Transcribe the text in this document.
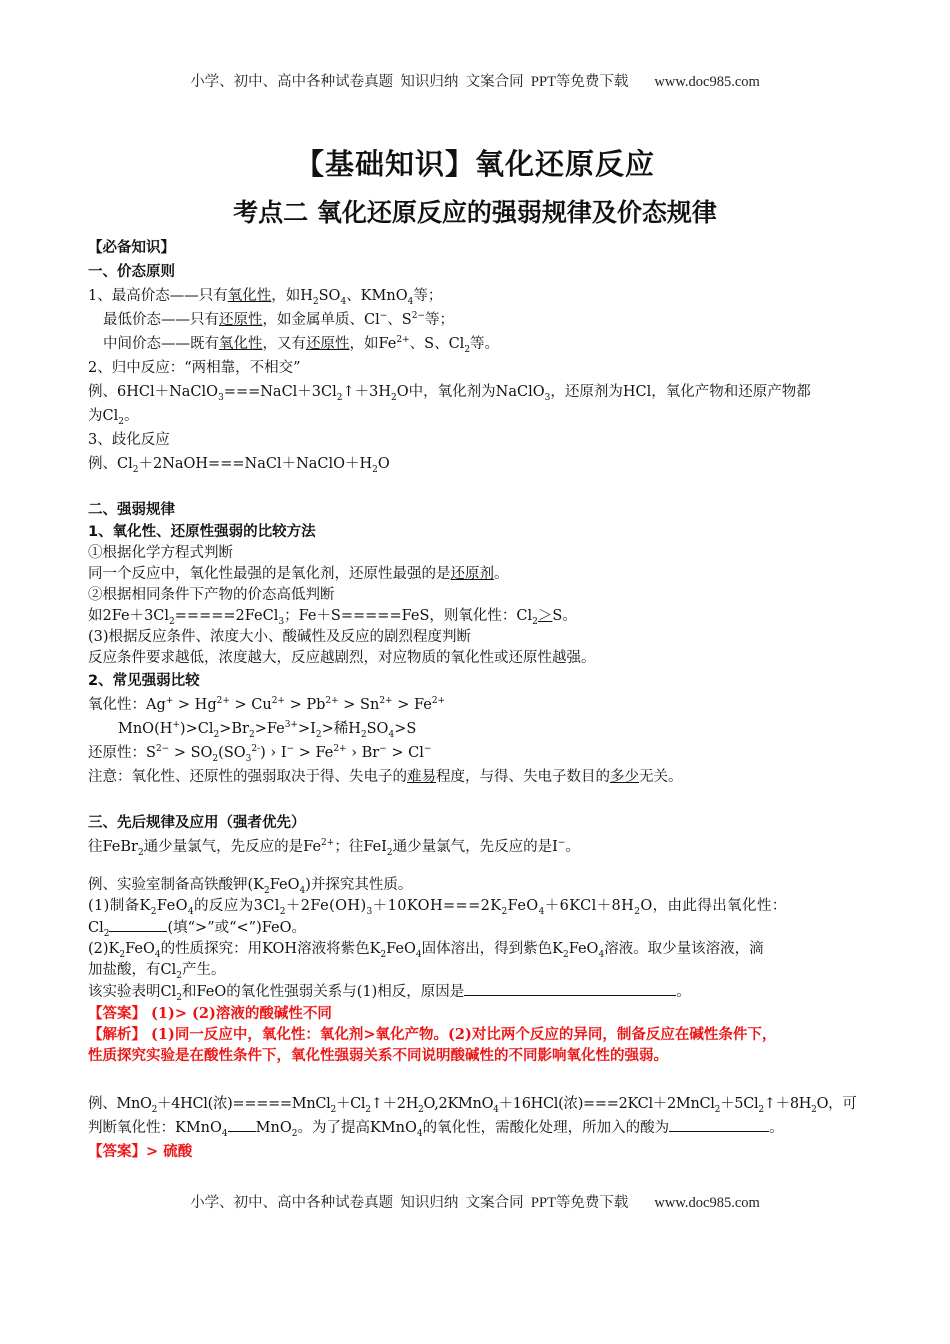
小学、初中、高中各种试卷真题  知识归纳  文案合同  PPT等免费下载 www.doc985.com
【基础知识】氧化还原反应
考点二 氧化还原反应的强弱规律及价态规律
【必备知识】
一、价态原则
1、最高价态——只有氧化性，如$H_2SO_4$、KMnO$_4$等；
最低价态——只有还原性，如金属单质、Cl−、$S^{2-}$等；
中间价态——既有氧化性，又有还原性，如$Fe^{2+}$、S、$Cl_2$等。
2、归中反应：“两相靠，不相交”
例、$6HCl+NaClO_3===NaCl+3Cl_2↑+3H_2O$中，氧化剂为NaClO$_3$，还原剂为HCl，氧化产物和还原产物都
为$Cl_2$。
3、歧化反应
例、$Cl_2+2NaOH===NaCl+NaClO+H_2O$
二、强弱规律
1、氧化性、还原性强弱的比较方法
①根据化学方程式判断
同一个反应中，氧化性最强的是氧化剂，还原性最强的是还原剂。
②根据相同条件下产物的价态高低判断
如$2Fe+3Cl_2=====2FeCl_3$；Fe＋S=====FeS，则氧化性：$Cl_2>S$。
(3)根据反应条件、浓度大小、酸碱性及反应的剧烈程度判断
反应条件要求越低，浓度越大，反应越剧烈，对应物质的氧化性或还原性越强。
2、常见强弱比较
氧化性：$Ag^+ > Hg^{2+} > Cu^{2+} > Pb^{2+} > Sn^{2+} > Fe^{2+}$
$MnO(H^+)>Cl_2>Br_2>Fe^{3+}>I_2>$稀$H_2SO_4>S$
还原性：$S^{2-} > SO_2(SO_3^{2-})$ › $I^- > Fe^{2+}$ › Br− > Cl−
注意：氧化性、还原性的强弱取决于得、失电子的难易程度，与得、失电子数目的多少无关。
三、先后规律及应用（强者优先）
往FeBr$_2$通少量氯气，先反应的是$Fe^{2+}$；往FeI$_2$通少量氯气，先反应的是I−。
例、实验室制备高铁酸钾$(K_2FeO_4)$并探究其性质。
(1)制备$K_2FeO_4$的反应为$3Cl_2+2Fe(OH)_3+10KOH===2K_2FeO_4+6KCl+8H_2O$，由此得出氧化性：
$Cl_2$	(填“>”或“<”)FeO。
$(2)K_2FeO_4$的性质探究：用KOH溶液将紫色$K_2FeO_4$固体溶出，得到紫色$K_2FeO_4$溶液。取少量该溶液，滴
加盐酸，有$Cl_2$产生。
该实验表明$Cl_2$和FeO的氧化性强弱关系与(1)相反，原因是	。
【答案】 (1)> (2)溶液的酸碱性不同
【解析】 (1)同一反应中，氧化性：氧化剂>氧化产物。(2)对比两个反应的异同，制备反应在碱性条件下，
性质探究实验是在酸性条件下，氧化性强弱关系不同说明酸碱性的不同影响氧化性的强弱。
例、MnO$_2$＋4HCl(浓)$=====MnCl_2+Cl_2↑+2H_2O,2KMnO_4+16HCl$(浓)$===2KCl+2MnCl_2+5Cl_2↑+8H_2O$，可
判断氧化性：KMnO$_4$ MnO$_2$。为了提高KMnO$_4$的氧化性，需酸化处理，所加入的酸为	。
【答案】> 硫酸
小学、初中、高中各种试卷真题  知识归纳  文案合同  PPT等免费下载 www.doc985.com
